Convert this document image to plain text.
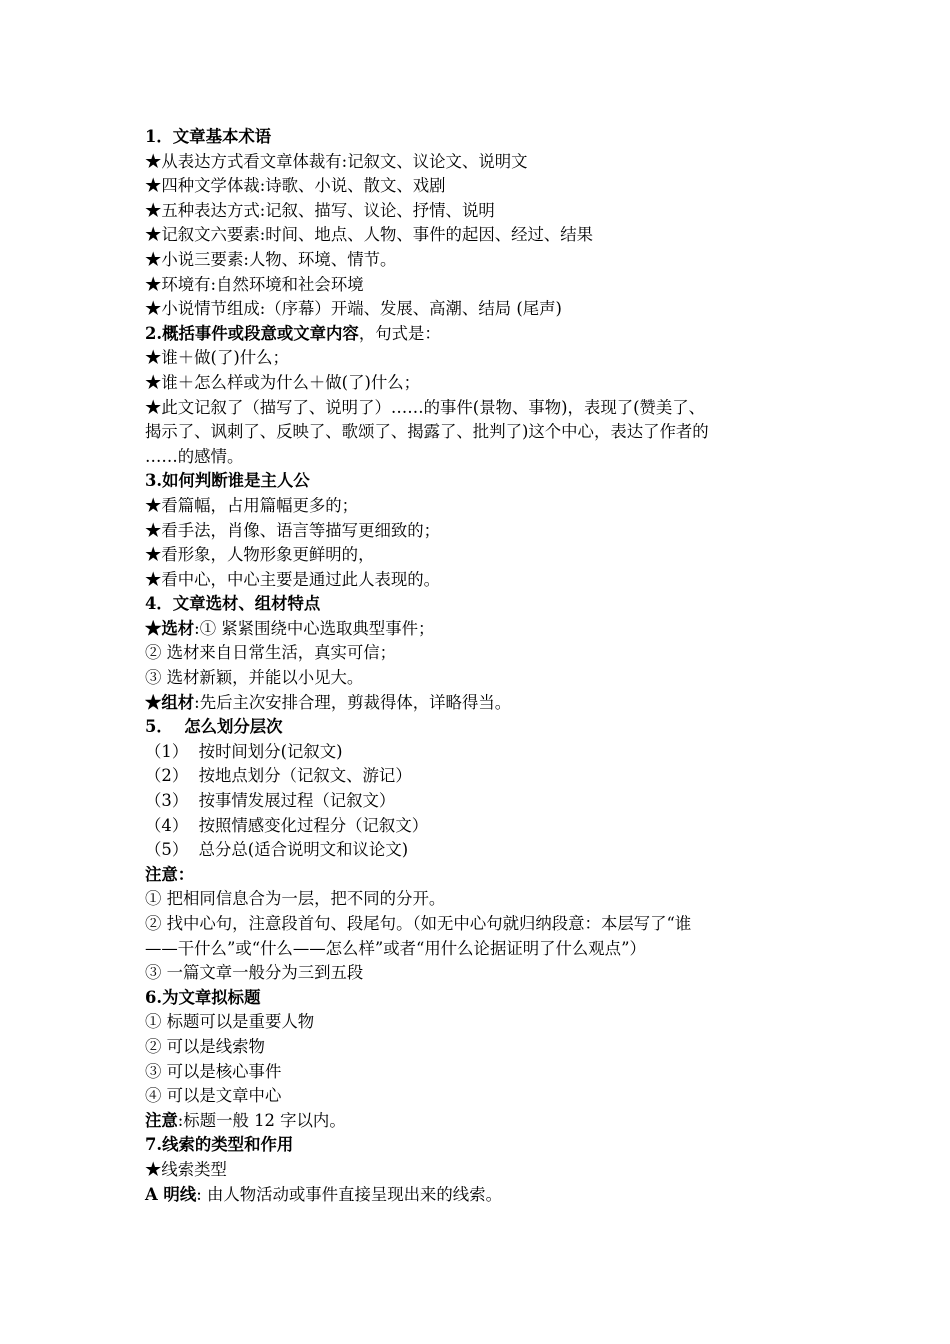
1．文章基本术语
★从表达方式看文章体裁有:记叙文、议论文、说明文
★四种文学体裁:诗歌、小说、散文、戏剧
★五种表达方式:记叙、描写、议论、抒情、说明
★记叙文六要素:时间、地点、人物、事件的起因、经过、结果
★小说三要素:人物、环境、情节。
★环境有:自然环境和社会环境
★小说情节组成:（序幕）开端、发展、高潮、结局 (尾声)
2.概括事件或段意或文章内容，句式是：
★谁＋做(了)什么；
★谁＋怎么样或为什么＋做(了)什么；
★此文记叙了（描写了、说明了）……的事件(景物、事物)，表现了(赞美了、
揭示了、讽刺了、反映了、歌颂了、揭露了、批判了)这个中心，表达了作者的
……的感情。
3.如何判断谁是主人公
★看篇幅，占用篇幅更多的；
★看手法，肖像、语言等描写更细致的；
★看形象，人物形象更鲜明的，
★看中心，中心主要是通过此人表现的。
4．文章选材、组材特点
★选材:① 紧紧围绕中心选取典型事件；
② 选材来自日常生活，真实可信；
③ 选材新颖，并能以小见大。
★组材:先后主次安排合理，剪裁得体，详略得当。
5．  怎么划分层次
（1）  按时间划分(记叙文)
（2）  按地点划分（记叙文、游记）
（3）  按事情发展过程（记叙文）
（4）  按照情感变化过程分（记叙文）
（5）  总分总(适合说明文和议论文)
注意：
① 把相同信息合为一层，把不同的分开。
② 找中心句，注意段首句、段尾句。（如无中心句就归纳段意：本层写了“谁
——干什么”或“什么——怎么样”或者“用什么论据证明了什么观点”）
③ 一篇文章一般分为三到五段
6.为文章拟标题
① 标题可以是重要人物
② 可以是线索物
③ 可以是核心事件
④ 可以是文章中心
注意:标题一般 12 字以内。
7.线索的类型和作用
★线索类型
A 明线: 由人物活动或事件直接呈现出来的线索。
